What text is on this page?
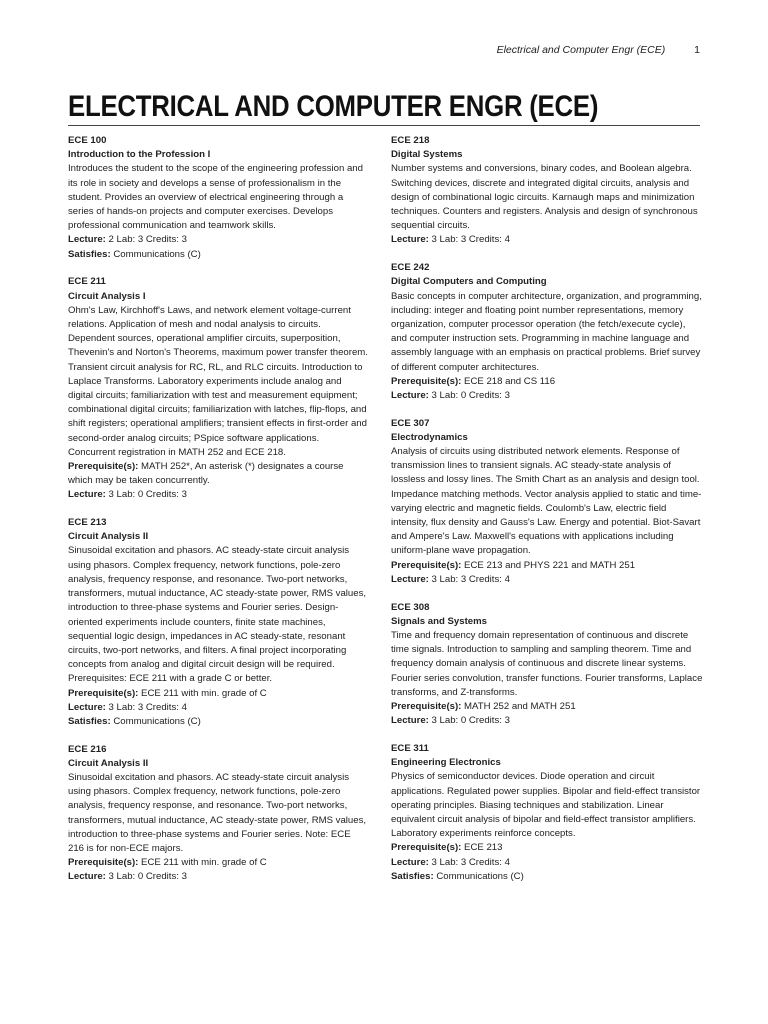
Electrical and Computer Engr (ECE)	1
ELECTRICAL AND COMPUTER ENGR (ECE)
ECE 100
Introduction to the Profession I
Introduces the student to the scope of the engineering profession and its role in society and develops a sense of professionalism in the student. Provides an overview of electrical engineering through a series of hands-on projects and computer exercises. Develops professional communication and teamwork skills.
Lecture: 2 Lab: 3 Credits: 3
Satisfies: Communications (C)
ECE 211
Circuit Analysis I
Ohm's Law, Kirchhoff's Laws, and network element voltage-current relations. Application of mesh and nodal analysis to circuits. Dependent sources, operational amplifier circuits, superposition, Thevenin's and Norton's Theorems, maximum power transfer theorem. Transient circuit analysis for RC, RL, and RLC circuits. Introduction to Laplace Transforms. Laboratory experiments include analog and digital circuits; familiarization with test and measurement equipment; combinational digital circuits; familiarization with latches, flip-flops, and shift registers; operational amplifiers; transient effects in first-order and second-order analog circuits; PSpice software applications. Concurrent registration in MATH 252 and ECE 218.
Prerequisite(s): MATH 252*, An asterisk (*) designates a course which may be taken concurrently.
Lecture: 3 Lab: 0 Credits: 3
ECE 213
Circuit Analysis II
Sinusoidal excitation and phasors. AC steady-state circuit analysis using phasors. Complex frequency, network functions, pole-zero analysis, frequency response, and resonance. Two-port networks, transformers, mutual inductance, AC steady-state power, RMS values, introduction to three-phase systems and Fourier series. Design-oriented experiments include counters, finite state machines, sequential logic design, impedances in AC steady-state, resonant circuits, two-port networks, and filters. A final project incorporating concepts from analog and digital circuit design will be required. Prerequisites: ECE 211 with a grade C or better.
Prerequisite(s): ECE 211 with min. grade of C
Lecture: 3 Lab: 3 Credits: 4
Satisfies: Communications (C)
ECE 216
Circuit Analysis II
Sinusoidal excitation and phasors. AC steady-state circuit analysis using phasors. Complex frequency, network functions, pole-zero analysis, frequency response, and resonance. Two-port networks, transformers, mutual inductance, AC steady-state power, RMS values, introduction to three-phase systems and Fourier series. Note: ECE 216 is for non-ECE majors.
Prerequisite(s): ECE 211 with min. grade of C
Lecture: 3 Lab: 0 Credits: 3
ECE 218
Digital Systems
Number systems and conversions, binary codes, and Boolean algebra. Switching devices, discrete and integrated digital circuits, analysis and design of combinational logic circuits. Karnaugh maps and minimization techniques. Counters and registers. Analysis and design of synchronous sequential circuits.
Lecture: 3 Lab: 3 Credits: 4
ECE 242
Digital Computers and Computing
Basic concepts in computer architecture, organization, and programming, including: integer and floating point number representations, memory organization, computer processor operation (the fetch/execute cycle), and computer instruction sets. Programming in machine language and assembly language with an emphasis on practical problems. Brief survey of different computer architectures.
Prerequisite(s): ECE 218 and CS 116
Lecture: 3 Lab: 0 Credits: 3
ECE 307
Electrodynamics
Analysis of circuits using distributed network elements. Response of transmission lines to transient signals. AC steady-state analysis of lossless and lossy lines. The Smith Chart as an analysis and design tool. Impedance matching methods. Vector analysis applied to static and time-varying electric and magnetic fields. Coulomb's Law, electric field intensity, flux density and Gauss's Law. Energy and potential. Biot-Savart and Ampere's Law. Maxwell's equations with applications including uniform-plane wave propagation.
Prerequisite(s): ECE 213 and PHYS 221 and MATH 251
Lecture: 3 Lab: 3 Credits: 4
ECE 308
Signals and Systems
Time and frequency domain representation of continuous and discrete time signals. Introduction to sampling and sampling theorem. Time and frequency domain analysis of continuous and discrete linear systems. Fourier series convolution, transfer functions. Fourier transforms, Laplace transforms, and Z-transforms.
Prerequisite(s): MATH 252 and MATH 251
Lecture: 3 Lab: 0 Credits: 3
ECE 311
Engineering Electronics
Physics of semiconductor devices. Diode operation and circuit applications. Regulated power supplies. Bipolar and field-effect transistor operating principles. Biasing techniques and stabilization. Linear equivalent circuit analysis of bipolar and field-effect transistor amplifiers. Laboratory experiments reinforce concepts.
Prerequisite(s): ECE 213
Lecture: 3 Lab: 3 Credits: 4
Satisfies: Communications (C)
